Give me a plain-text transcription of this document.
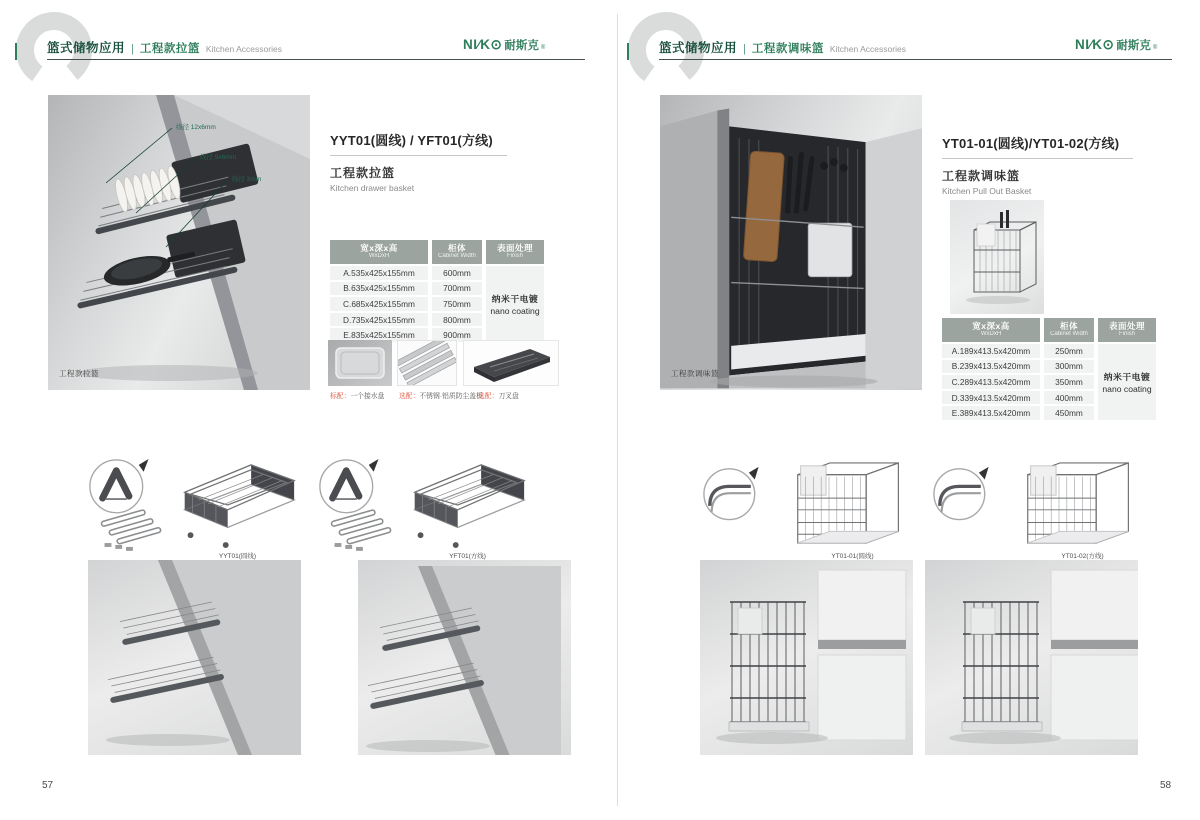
篮式储物应用 | 工程款拉篮 Kitchen Accessories	NI∕K⊙ 耐斯克 ®
线径 12x6mm
线径 9x6mm
线径 3mm
工程款拉篮
YYT01(圆线) / YFT01(方线)
工程款拉篮
Kitchen drawer basket
宽x深x高
WxDxH
柜体
Cabinet Width
表面处理
Finish
纳米干电镀
nano coating
A.535x425x155mm	600mm
B.635x425x155mm	700mm
C.685x425x155mm	750mm
D.735x425x155mm	800mm
E.835x425x155mm	900mm
标配：一个接水盘 选配：不锈钢·铝质防尘盖板
选配：刀叉盘
YYT01(圆线)	YFT01(方线)
57
篮式储物应用 | 工程款调味篮 Kitchen Accessories	NI∕K⊙ 耐斯克 ®
工程款调味篮
YT01-01(圆线)/YT01-02(方线)
工程款调味篮
Kitchen Pull Out Basket
宽x深x高
WxDxH
柜体
Cabinet Width
表面处理
Finish
纳米干电镀
nano coating
A.189x413.5x420mm	250mm
B.239x413.5x420mm	300mm
C.289x413.5x420mm	350mm
D.339x413.5x420mm	400mm
E.389x413.5x420mm	450mm
YT01-01(圆线)	YT01-02(方线)
58
